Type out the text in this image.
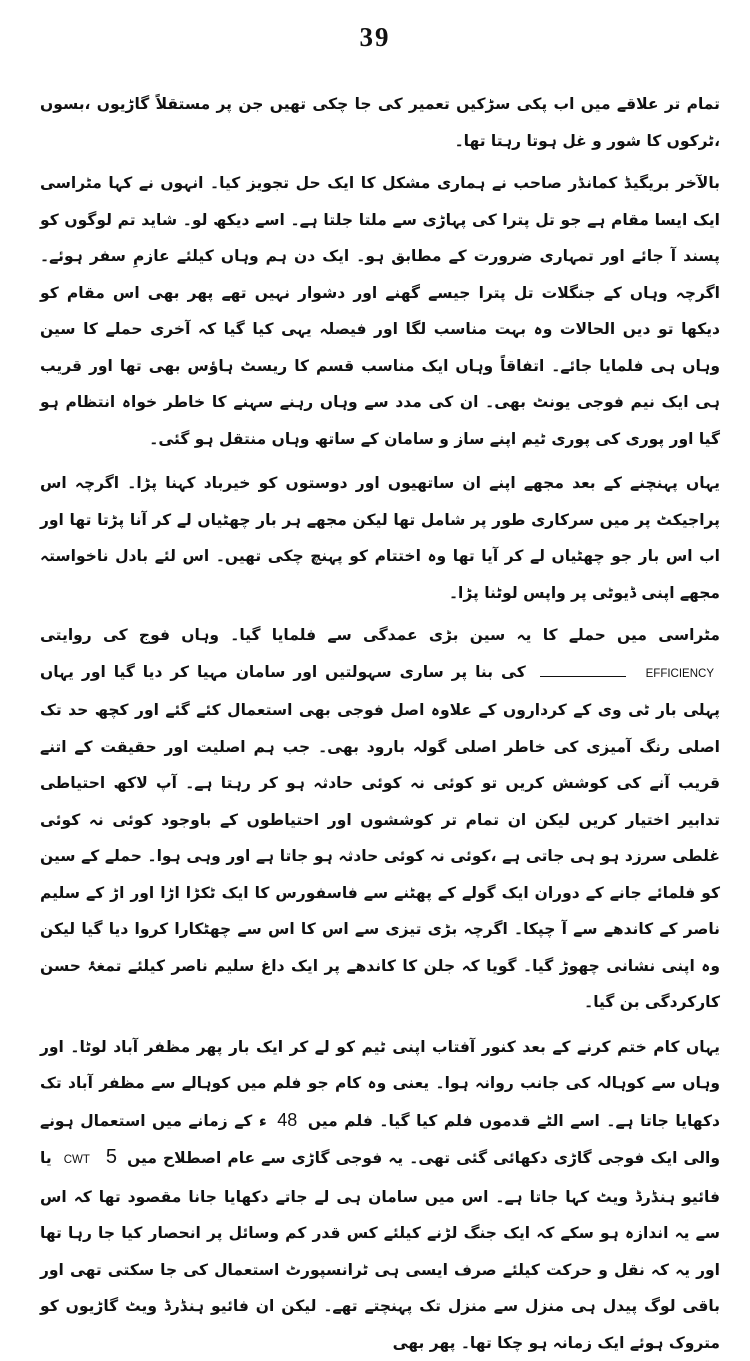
39

تمام تر علاقے میں اب پکی سڑکیں تعمیر کی جا چکی تھیں جن پر مستقلاً گاڑیوں ،بسوں ،ٹرکوں کا شور و غل ہوتا رہتا تھا۔

بالآخر بریگیڈ کمانڈر صاحب نے ہماری مشکل کا ایک حل تجویز کیا۔ انہوں نے کہا مٹراسی ایک ایسا مقام ہے جو تل پترا کی پہاڑی سے ملتا جلتا ہے۔ اسے دیکھ لو۔ شاید تم لوگوں کو پسند آ جائے اور تمہاری ضرورت کے مطابق ہو۔ ایک دن ہم وہاں کیلئے عازمِ سفر ہوئے۔ اگرچہ وہاں کے جنگلات تل پترا جیسے گھنے اور دشوار نہیں تھے پھر بھی اس مقام کو دیکھا تو دیں الحالات وہ بہت مناسب لگا اور فیصلہ یہی کیا گیا کہ آخری حملے کا سین وہاں ہی فلمایا جائے۔ اتفاقاً وہاں ایک مناسب قسم کا ریسٹ ہاؤس بھی تھا اور قریب ہی ایک نیم فوجی یونٹ بھی۔ ان کی مدد سے وہاں رہنے سہنے کا خاطر خواہ انتظام ہو گیا اور پوری کی پوری ٹیم اپنے ساز و سامان کے ساتھ وہاں منتقل ہو گئی۔

یہاں پہنچنے کے بعد مجھے اپنے ان ساتھیوں اور دوستوں کو خیرباد کہنا پڑا۔ اگرچہ اس پراجیکٹ پر میں سرکاری طور پر شامل تھا لیکن مجھے ہر بار چھٹیاں لے کر آنا پڑتا تھا اور اب اس بار جو چھٹیاں لے کر آیا تھا وہ اختتام کو پہنچ چکی تھیں۔ اس لئے بادل ناخواستہ مجھے اپنی ڈیوٹی پر واپس لوٹنا پڑا۔

مٹراسی میں حملے کا یہ سین بڑی عمدگی سے فلمایا گیا۔ وہاں فوج کی روایتی EFFICIENCY  کی بنا پر ساری سہولتیں اور سامان مہیا کر دیا گیا اور یہاں پہلی بار ٹی وی کے کرداروں کے علاوہ اصل فوجی بھی استعمال کئے گئے اور کچھ حد تک اصلی رنگ آمیزی کی خاطر اصلی گولہ بارود بھی۔ جب ہم اصلیت اور حقیقت کے اتنے قریب آنے کی کوشش کریں تو کوئی نہ کوئی حادثہ ہو کر رہتا ہے۔ آپ لاکھ احتیاطی تدابیر اختیار کریں لیکن ان تمام تر کوششوں اور احتیاطوں کے باوجود کوئی نہ کوئی غلطی سرزد ہو ہی جاتی ہے ،کوئی نہ کوئی حادثہ ہو جاتا ہے اور وہی ہوا۔ حملے کے سین کو فلمائے جانے کے دوران ایک گولے کے پھٹنے سے فاسفورس کا ایک ٹکڑا اڑا اور اڑ کے سلیم ناصر کے کاندھے سے آ چپکا۔ اگرچہ بڑی تیزی سے اس کا اس سے چھٹکارا کروا دیا گیا لیکن وہ اپنی نشانی چھوڑ گیا۔ گویا کہ جلن کا کاندھے پر ایک داغ سلیم ناصر کیلئے تمغۂ حسن کارکردگی بن گیا۔

یہاں کام ختم کرنے کے بعد کنور آفتاب اپنی ٹیم کو لے کر ایک بار پھر مظفر آباد لوٹا۔ اور وہاں سے کوہالہ کی جانب روانہ ہوا۔ یعنی وہ کام جو فلم میں کوہالے سے مظفر آباد تک دکھایا جاتا ہے۔ اسے الٹے قدموں فلم کیا گیا۔ فلم میں 48 ء کے زمانے میں استعمال ہونے والی ایک فوجی گاڑی دکھائی گئی تھی۔ یہ فوجی گاڑی سے عام اصطلاح میں 5 CWT یا فائیو ہنڈرڈ ویٹ کہا جاتا ہے۔ اس میں سامان ہی لے جاتے دکھایا جانا مقصود تھا کہ اس سے یہ اندازہ ہو سکے کہ ایک جنگ لڑنے کیلئے کس قدر کم وسائل پر انحصار کیا جا رہا تھا اور یہ کہ نقل و حرکت کیلئے صرف ایسی ہی ٹرانسپورٹ استعمال کی جا سکتی تھی اور باقی لوگ پیدل ہی منزل سے منزل تک پہنچتے تھے۔ لیکن ان فائیو ہنڈرڈ ویٹ گاڑیوں کو متروک ہوئے ایک زمانہ ہو چکا تھا۔ پھر بھی
